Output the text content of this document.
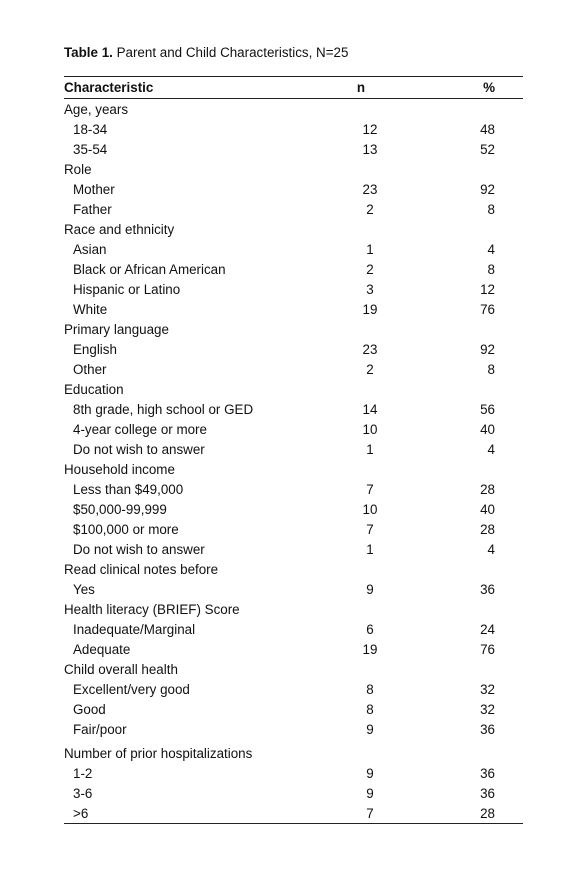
Table 1. Parent and Child Characteristics, N=25
Characteristic	n	%
Age, years
18-34	12	48
35-54	13	52
Role
Mother	23	92
Father	2	8
Race and ethnicity
Asian	1	4
Black or African American	2	8
Hispanic or Latino	3	12
White	19	76
Primary language
English	23	92
Other	2	8
Education
8th grade, high school or GED	14	56
4-year college or more	10	40
Do not wish to answer	1	4
Household income
Less than $49,000	7	28
$50,000-99,999	10	40
$100,000 or more	7	28
Do not wish to answer	1	4
Read clinical notes before
Yes	9	36
Health literacy (BRIEF) Score
Inadequate/Marginal	6	24
Adequate	19	76
Child overall health
Excellent/very good	8	32
Good	8	32
Fair/poor	9	36
Number of prior hospitalizations
1-2	9	36
3-6	9	36
>6	7	28
